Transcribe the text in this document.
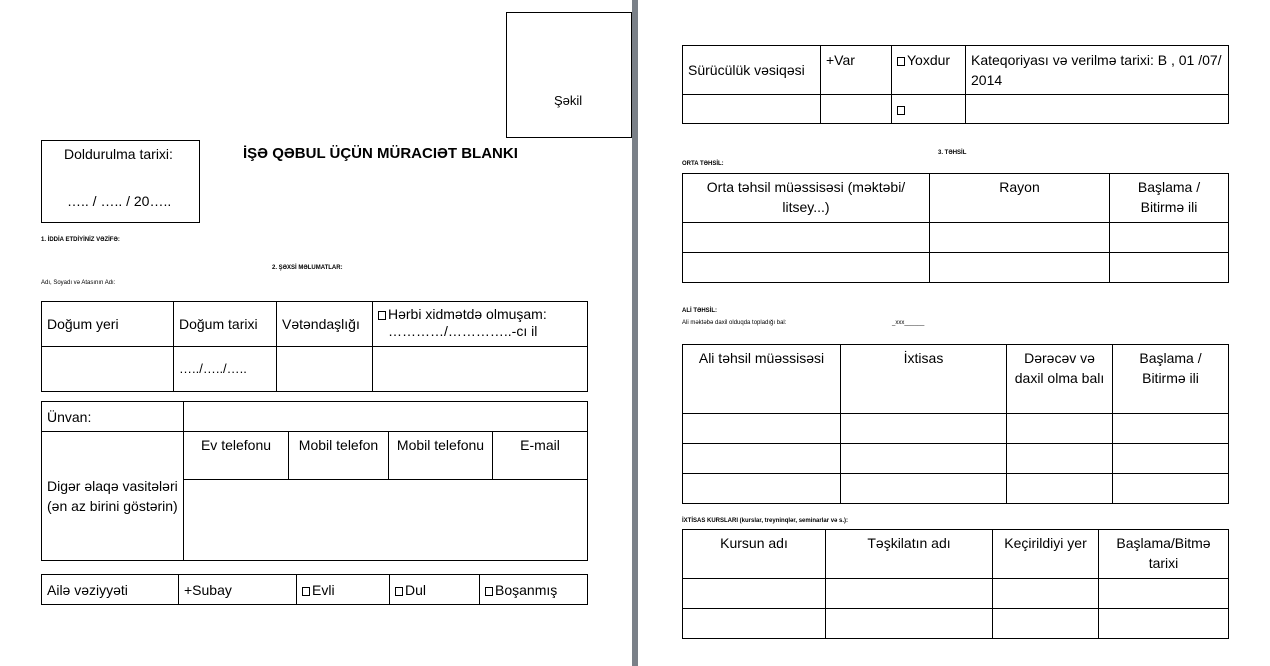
Şəkil
Doldurulma tarixi:
….. / ….. / 20…..
İŞƏ QƏBUL ÜÇÜN MÜRACIƏT BLANKI
1. İDDİA ETDİYİNİZ VƏZİFƏ:
2. ŞƏXSİ MƏLUMATLAR:
Adı, Soyadı və Atasının Adı:
Doğum yeri	Doğum tarixi	Vətəndaşlığı	Hərbi xidmətdə olmuşam:
…………/…………..-cı il
	…../…../…..		
Ünvan:				
Digər əlaqə vasitələri (ən az birini göstərin)	Ev telefonu	Mobil telefon	Mobil telefonu	E-mail

Ailə vəziyyəti	+Subay	Evli	Dul	Boşanmış
Sürücülük vəsiqəsi	+Var	Yoxdur	Kateqoriyası və verilmə tarixi: B , 01 /07/ 2014

3. TƏHSİL
ORTA TƏHSİL:
Orta təhsil müəssisəsi (məktəbi/ litsey...)	Rayon	Başlama / Bitirmə ili

ALİ TƏHSİL:
Ali məktəbə daxil olduqda topladığı bal:	_xxx______
Ali təhsil müəssisəsi	İxtisas	Dərəcəv və daxil olma balı	Başlama / Bitirmə ili

İXTİSAS KURSLARI (kurslar, treyninqlər, seminarlar və s.):
Kursun adı	Təşkilatın adı	Keçirildiyi yer	Başlama/Bitmə tarixi
